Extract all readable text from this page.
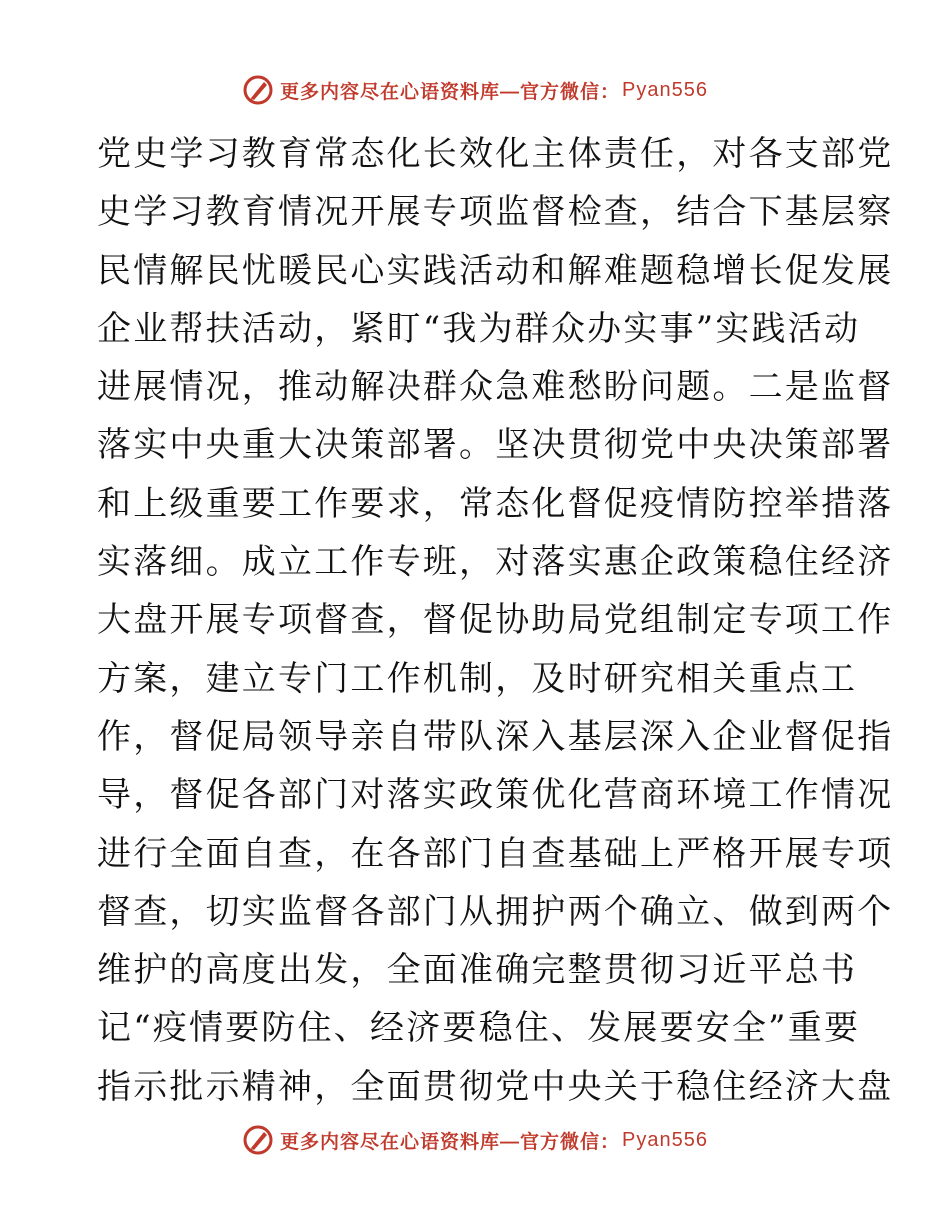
更多内容尽在心语资料库—官方微信： Pyan556
党史学习教育常态化长效化主体责任，对各支部党
史学习教育情况开展专项监督检查，结合下基层察
民情解民忧暖民心实践活动和解难题稳增长促发展
企业帮扶活动，紧盯“我为群众办实事”实践活动
进展情况，推动解决群众急难愁盼问题。二是监督
落实中央重大决策部署。坚决贯彻党中央决策部署
和上级重要工作要求，常态化督促疫情防控举措落
实落细。成立工作专班，对落实惠企政策稳住经济
大盘开展专项督查，督促协助局党组制定专项工作
方案，建立专门工作机制，及时研究相关重点工
作，督促局领导亲自带队深入基层深入企业督促指
导，督促各部门对落实政策优化营商环境工作情况
进行全面自查，在各部门自查基础上严格开展专项
督查，切实监督各部门从拥护两个确立、做到两个
维护的高度出发，全面准确完整贯彻习近平总书
记“疫情要防住、经济要稳住、发展要安全”重要
指示批示精神，全面贯彻党中央关于稳住经济大盘
更多内容尽在心语资料库—官方微信： Pyan556
